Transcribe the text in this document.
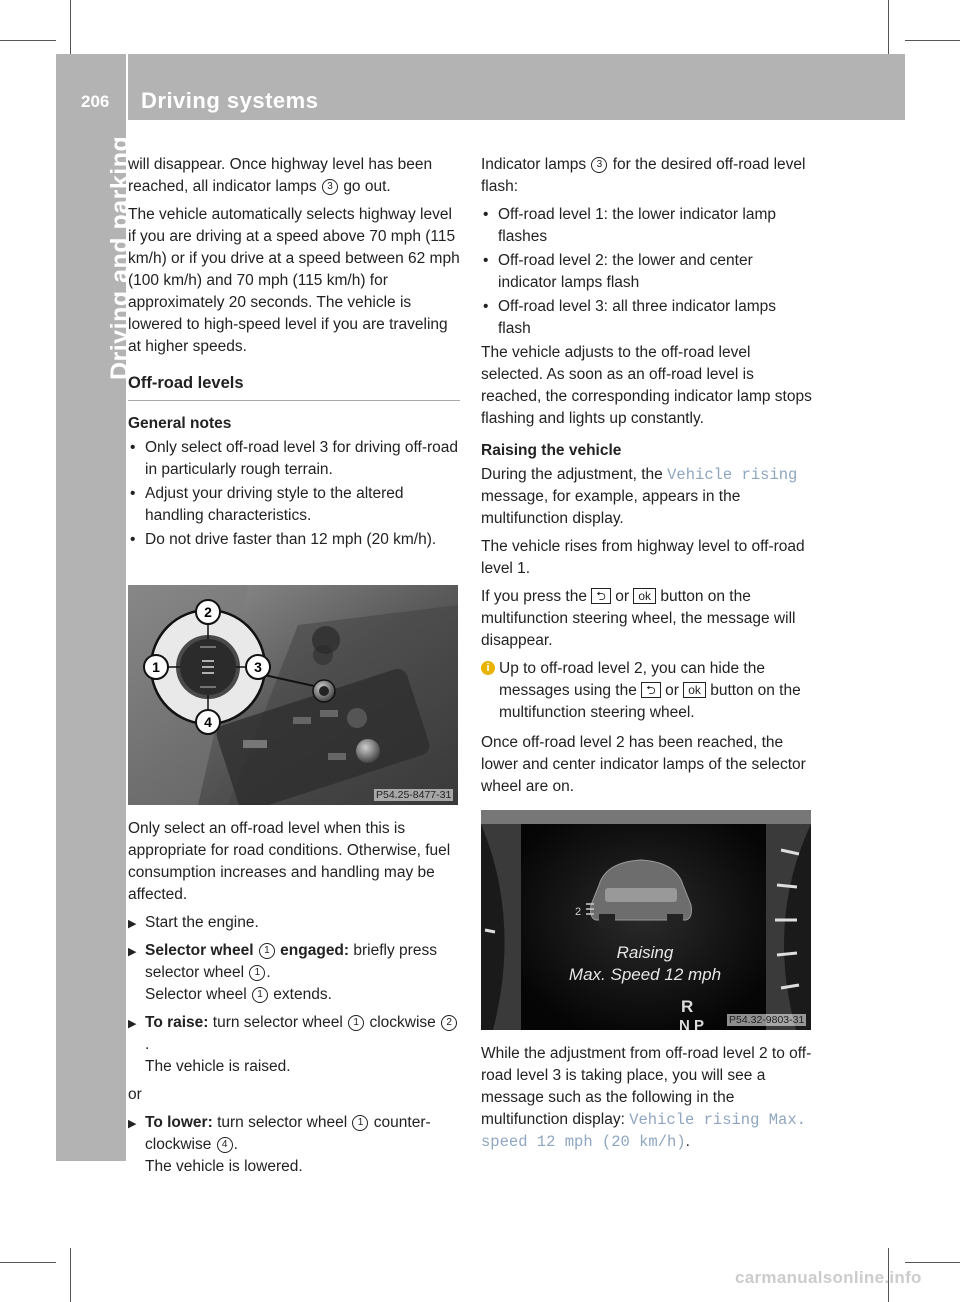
206 Driving systems
Driving and parking

will disappear. Once highway level has been reached, all indicator lamps 3 go out.

The vehicle automatically selects highway level if you are driving at a speed above 70 mph (115 km/h) or if you drive at a speed between 62 mph (100 km/h) and 70 mph (115 km/h) for approximately 20 seconds. The vehicle is lowered to high-speed level if you are traveling at higher speeds.

Off-road levels
General notes
• Only select off-road level 3 for driving off-road in particularly rough terrain.
• Adjust your driving style to the altered handling characteristics.
• Do not drive faster than 12 mph (20 km/h).
2
1	3
4
P54.25-8477-31

Only select an off-road level when this is appropriate for road conditions. Otherwise, fuel consumption increases and handling may be affected.

▶ Start the engine.
▶ Selector wheel 1 engaged: briefly press selector wheel 1 .
Selector wheel 1 extends.
▶ To raise: turn selector wheel 1 clockwise 2.
The vehicle is raised.

or

▶ To lower: turn selector wheel 1 counter-clockwise 4 .
The vehicle is lowered.

Indicator lamps 3 for the desired off-road level flash:

• Off-road level 1: the lower indicator lamp flashes
• Off-road level 2: the lower and center indicator lamps flash
• Off-road level 3: all three indicator lamps flash

The vehicle adjusts to the off-road level selected. As soon as an off-road level is reached, the corresponding indicator lamp stops flashing and lights up constantly.

Raising the vehicle

During the adjustment, the Vehicle rising message, for example, appears in the multifunction display.

The vehicle rises from highway level to off-road level 1.

If you press the ⮌ or ok button on the multifunction steering wheel, the message will disappear.

i Up to off-road level 2, you can hide the messages using the ⮌ or ok button on the multifunction steering wheel.

Once off-road level 2 has been reached, the lower and center indicator lamps of the selector wheel are on.

2
Raising
Max. Speed 12 mph
R
N P P54.32-9803-31

While the adjustment from off-road level 2 to off-road level 3 is taking place, you will see a message such as the following in the multifunction display: Vehicle rising Max. speed 12 mph (20 km/h).

carmanualsonline.info
